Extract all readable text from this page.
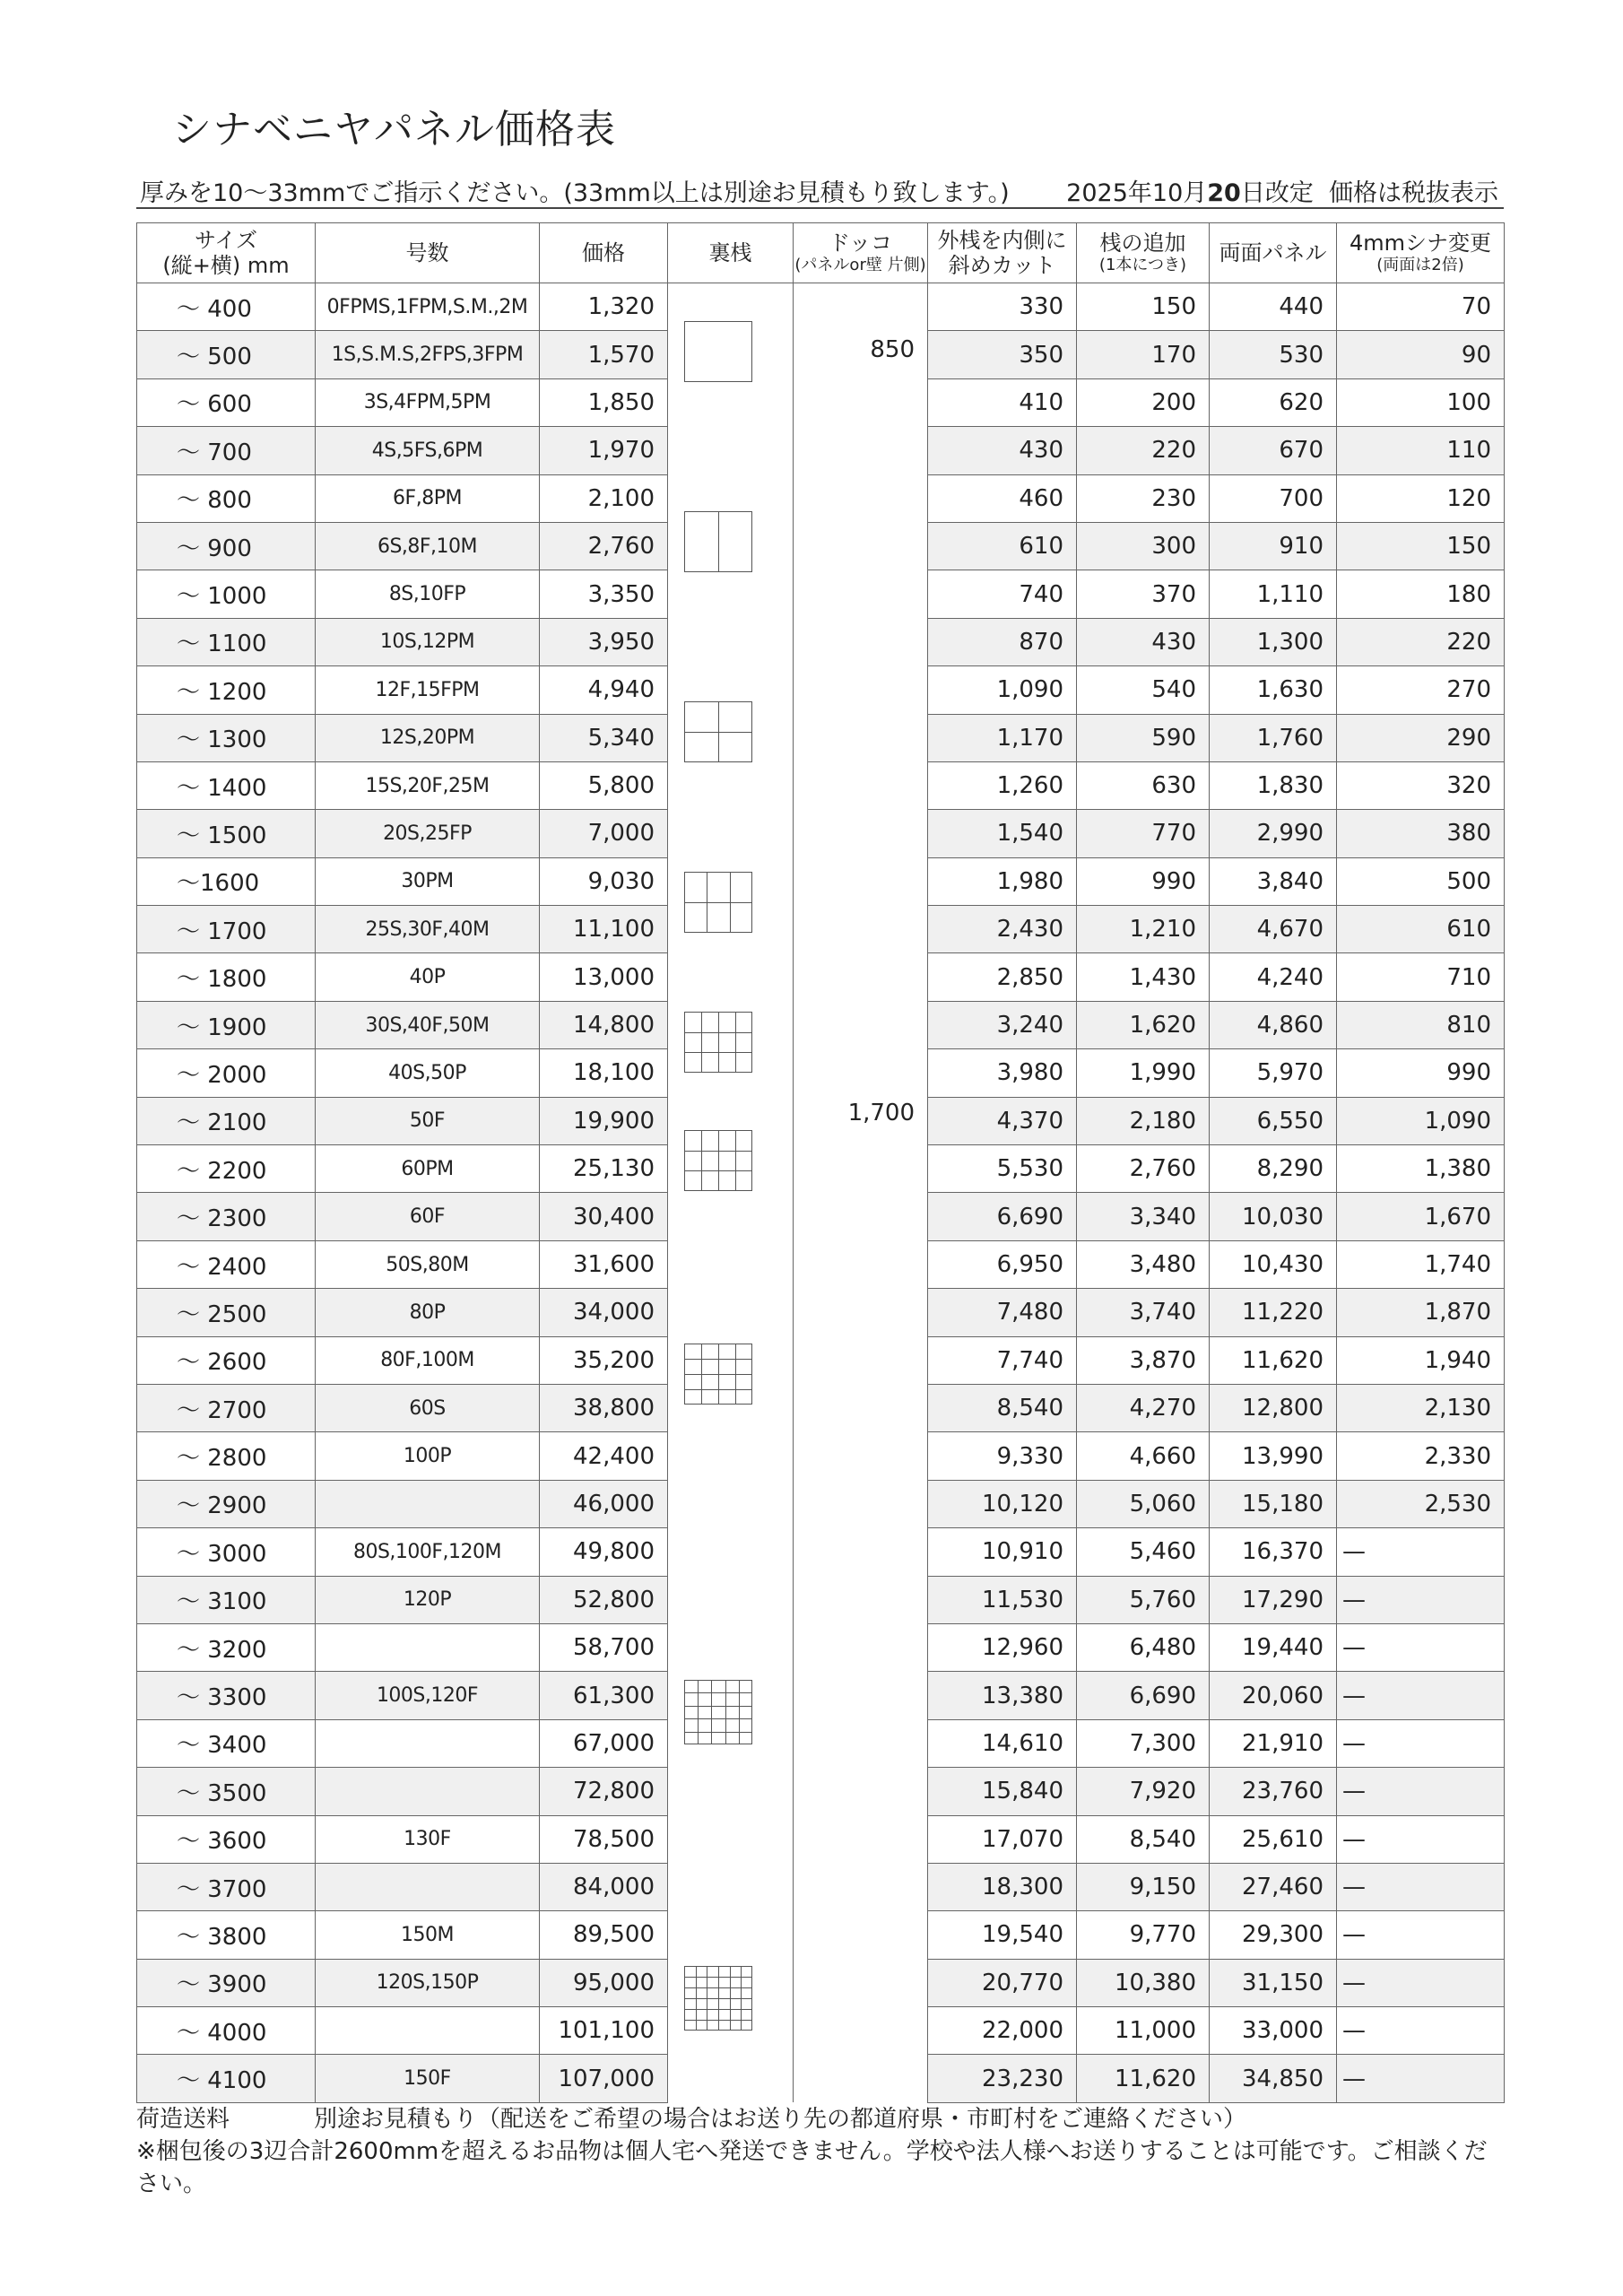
シナベニヤパネル価格表
厚みを10〜33mmでご指示ください。(33mm以上は別途お見積もり致します。) 2025年10月20日改定 価格は税抜表示
サイズ
(縦+横) mm	号数	価格	裏桟	ドッコ
(パネルor壁 片側)	外桟を内側に
斜めカット	桟の追加
(1本につき)	両面パネル	4mmシナ変更
(両面は2倍)

〜 400	0FPMS,1FPM,S.M.,2M	1,320			330	150	440	70
〜 500	1S,S.M.S,2FPS,3FPM	1,570			350	170	530	90
〜 600	3S,4FPM,5PM	1,850			410	200	620	100
〜 700	4S,5FS,6PM	1,970			430	220	670	110
〜 800	6F,8PM	2,100			460	230	700	120
〜 900	6S,8F,10M	2,760			610	300	910	150
〜 1000	8S,10FP	3,350			740	370	1,110	180
〜 1100	10S,12PM	3,950			870	430	1,300	220
〜 1200	12F,15FPM	4,940			1,090	540	1,630	270
〜 1300	12S,20PM	5,340			1,170	590	1,760	290
〜 1400	15S,20F,25M	5,800			1,260	630	1,830	320
〜 1500	20S,25FP	7,000			1,540	770	2,990	380
〜1600	30PM	9,030			1,980	990	3,840	500
〜 1700	25S,30F,40M	11,100			2,430	1,210	4,670	610
〜 1800	40P	13,000			2,850	1,430	4,240	710
〜 1900	30S,40F,50M	14,800			3,240	1,620	4,860	810
〜 2000	40S,50P	18,100			3,980	1,990	5,970	990
〜 2100	50F	19,900			4,370	2,180	6,550	1,090
〜 2200	60PM	25,130			5,530	2,760	8,290	1,380
〜 2300	60F	30,400			6,690	3,340	10,030	1,670
〜 2400	50S,80M	31,600			6,950	3,480	10,430	1,740
〜 2500	80P	34,000			7,480	3,740	11,220	1,870
〜 2600	80F,100M	35,200			7,740	3,870	11,620	1,940
〜 2700	60S	38,800			8,540	4,270	12,800	2,130
〜 2800	100P	42,400			9,330	4,660	13,990	2,330
〜 2900		46,000			10,120	5,060	15,180	2,530
〜 3000	80S,100F,120M	49,800			10,910	5,460	16,370	—
〜 3100	120P	52,800			11,530	5,760	17,290	—
〜 3200		58,700			12,960	6,480	19,440	—
〜 3300	100S,120F	61,300			13,380	6,690	20,060	—
〜 3400		67,000			14,610	7,300	21,910	—
〜 3500		72,800			15,840	7,920	23,760	—
〜 3600	130F	78,500			17,070	8,540	25,610	—
〜 3700		84,000			18,300	9,150	27,460	—
〜 3800	150M	89,500			19,540	9,770	29,300	—
〜 3900	120S,150P	95,000			20,770	10,380	31,150	—
〜 4000		101,100			22,000	11,000	33,000	—
〜 4100	150F	107,000			23,230	11,620	34,850	—
850
1,700
荷造送料	別途お見積もり（配送をご希望の場合はお送り先の都道府県・市町村をご連絡ください）
※梱包後の3辺合計2600mmを超えるお品物は個人宅へ発送できません。学校や法人様へお送りすることは可能です。ご相談ください。
